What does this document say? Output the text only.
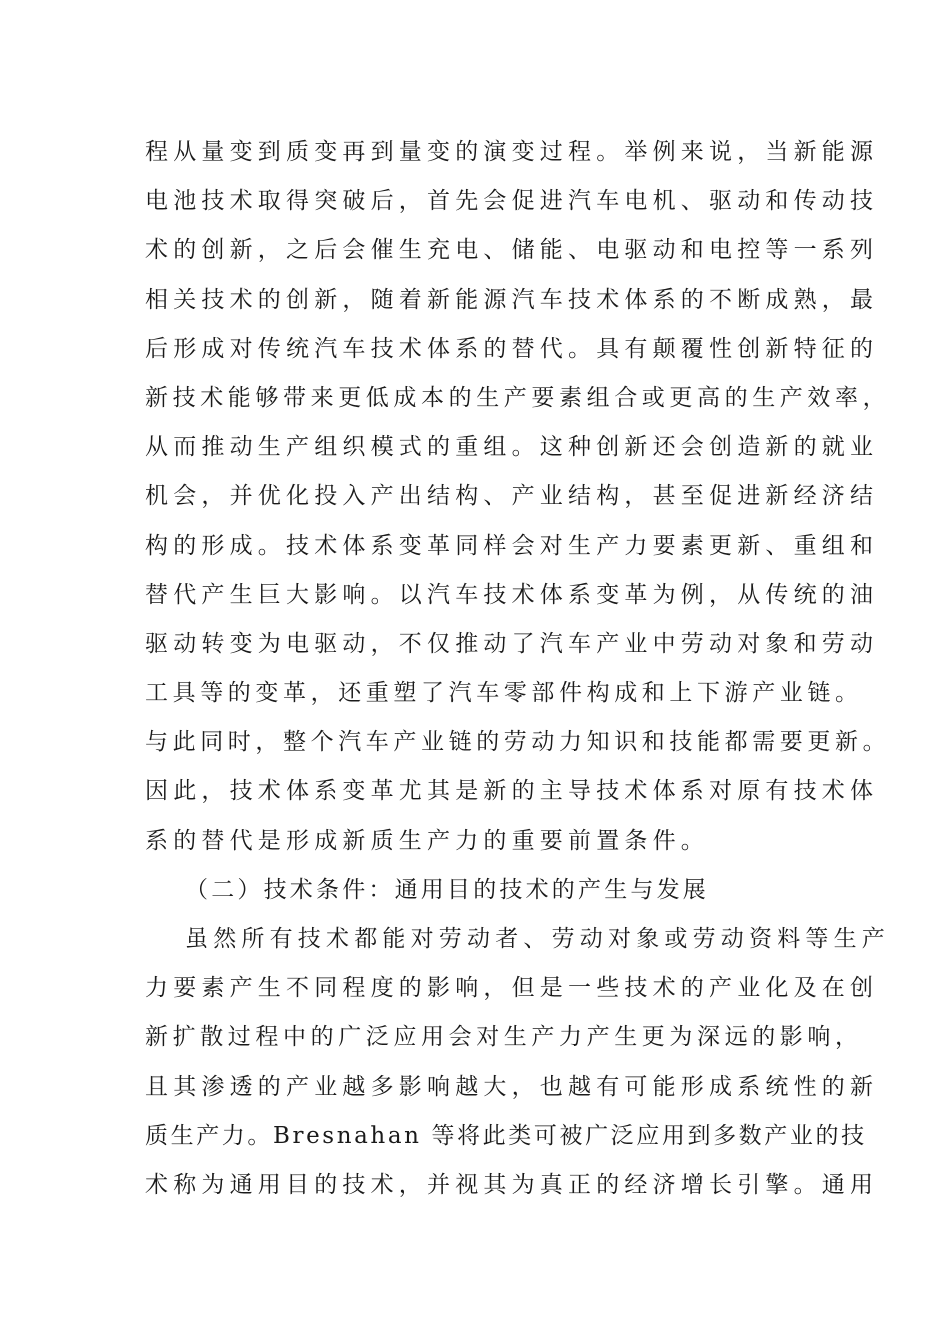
程从量变到质变再到量变的演变过程。举例来说，当新能源
电池技术取得突破后，首先会促进汽车电机、驱动和传动技
术的创新，之后会催生充电、储能、电驱动和电控等一系列
相关技术的创新，随着新能源汽车技术体系的不断成熟，最
后形成对传统汽车技术体系的替代。具有颠覆性创新特征的
新技术能够带来更低成本的生产要素组合或更高的生产效率，
从而推动生产组织模式的重组。这种创新还会创造新的就业
机会，并优化投入产出结构、产业结构，甚至促进新经济结
构的形成。技术体系变革同样会对生产力要素更新、重组和
替代产生巨大影响。以汽车技术体系变革为例，从传统的油
驱动转变为电驱动，不仅推动了汽车产业中劳动对象和劳动
工具等的变革，还重塑了汽车零部件构成和上下游产业链。
与此同时，整个汽车产业链的劳动力知识和技能都需要更新。
因此，技术体系变革尤其是新的主导技术体系对原有技术体
系的替代是形成新质生产力的重要前置条件。
（二）技术条件：通用目的技术的产生与发展
虽然所有技术都能对劳动者、劳动对象或劳动资料等生产
力要素产生不同程度的影响，但是一些技术的产业化及在创
新扩散过程中的广泛应用会对生产力产生更为深远的影响，
且其渗透的产业越多影响越大，也越有可能形成系统性的新
质生产力。Bresnahan 等将此类可被广泛应用到多数产业的技
术称为通用目的技术，并视其为真正的经济增长引擎。通用
